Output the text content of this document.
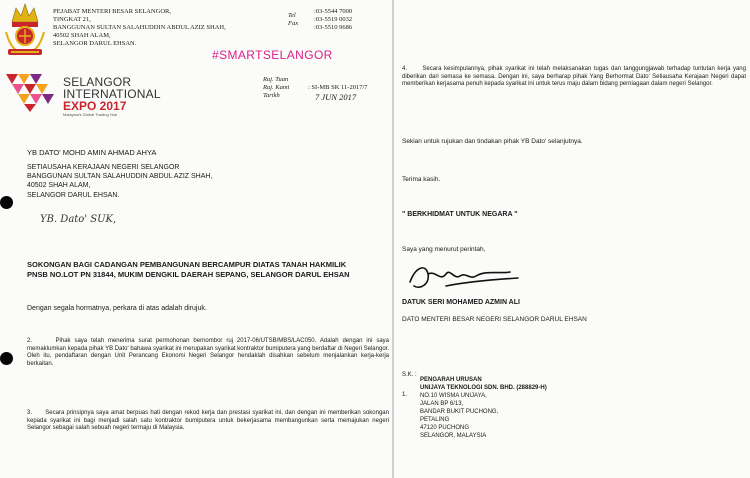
PEJABAT MENTERI BESAR SELANGOR,
TINGKAT 21,
BANGGUNAN SULTAN SALAHUDDIN ABDUL AZIZ SHAH,
40502 SHAH ALAM,
SELANGOR DARUL EHSAN.
Tel
Fax
:03-5544 7000
:03-5519 0032
:03-5510 9686
#SMARTSELANGOR
SELANGOR
INTERNATIONAL
EXPO 2017
Malaysia's Global Trading Hub
Ruj. Tuan
Ruj. Kami
Tarikh
: SI-MB SK 11-2017/7
7 JUN 2017
YB DATO' MOHD AMIN AHMAD AHYA
SETIAUSAHA KERAJAAN NEGERI SELANGOR
BANGGUNAN SULTAN SALAHUDDIN ABDUL AZIZ SHAH,
40502 SHAH ALAM,
SELANGOR DARUL EHSAN.
YB. Dato' SUK,
SOKONGAN BAGI CADANGAN PEMBANGUNAN BERCAMPUR DIATAS TANAH HAKMILIK
PNSB NO.LOT PN 31844, MUKIM DENGKIL DAERAH SEPANG, SELANGOR DARUL EHSAN
Dengan segala hormatnya, perkara di atas adalah dirujuk.
2.	Pihak saya telah menerima surat permohonan bernombor ruj 2017-06/UTSB/MBS/LAC050. Adalah dengan ini saya memaklumkan kepada pihak YB Dato' bahawa syarikat ini merupakan syarikat kontraktor bumiputera yang berdaftar di Negeri Selangor. Oleh itu, pendaftaran dengan Unit Perancang Ekonomi Negeri Selangor hendaklah disahkan sebelum menjalankan kerja-kerja berkaitan.
3. Secara prinsipnya saya amat berpuas hati dengan rekod kerja dan prestasi syarikat ini, dan dengan ini memberikan sokongan kepada syarikat ini bagi menjadi salah satu kontraktor bumiputera untuk bekerjasama membangunkan serta memajukan negeri Selangor sebagai salah sebuah negeri termaju di Malaysia.
4.	Secara kesimpulannya, pihak syarikat ini telah melaksanakan tugas dan tanggungjawab terhadap tuntutan kerja yang diberikan dari semasa ke semasa. Dengan ini, saya berharap pihak Yang Berhormat Dato' Setiausaha Kerajaan Negeri dapat memberikan kerjasama penuh kepada syarikat ini untuk terus maju dalam bidang perniagaan dalam negeri Selangor.
Sekian untuk rujukan dan tindakan pihak YB Dato' selanjutnya.
Terima kasih.
" BERKHIDMAT UNTUK NEGARA "
Saya yang menurut perintah,
DATUK SERI MOHAMED AZMIN ALI
DATO MENTERI BESAR NEGERI SELANGOR DARUL EHSAN
S.K. :
1.
PENGARAH URUSAN
UNIJAYA TEKNOLOGI SDN. BHD. (288829-H)
NO.10 WISMA UNIJAYA,
JALAN BP 6/13,
BANDAR BUKIT PUCHONG,
PETALING
47120 PUCHONG
SELANGOR, MALAYSIA
